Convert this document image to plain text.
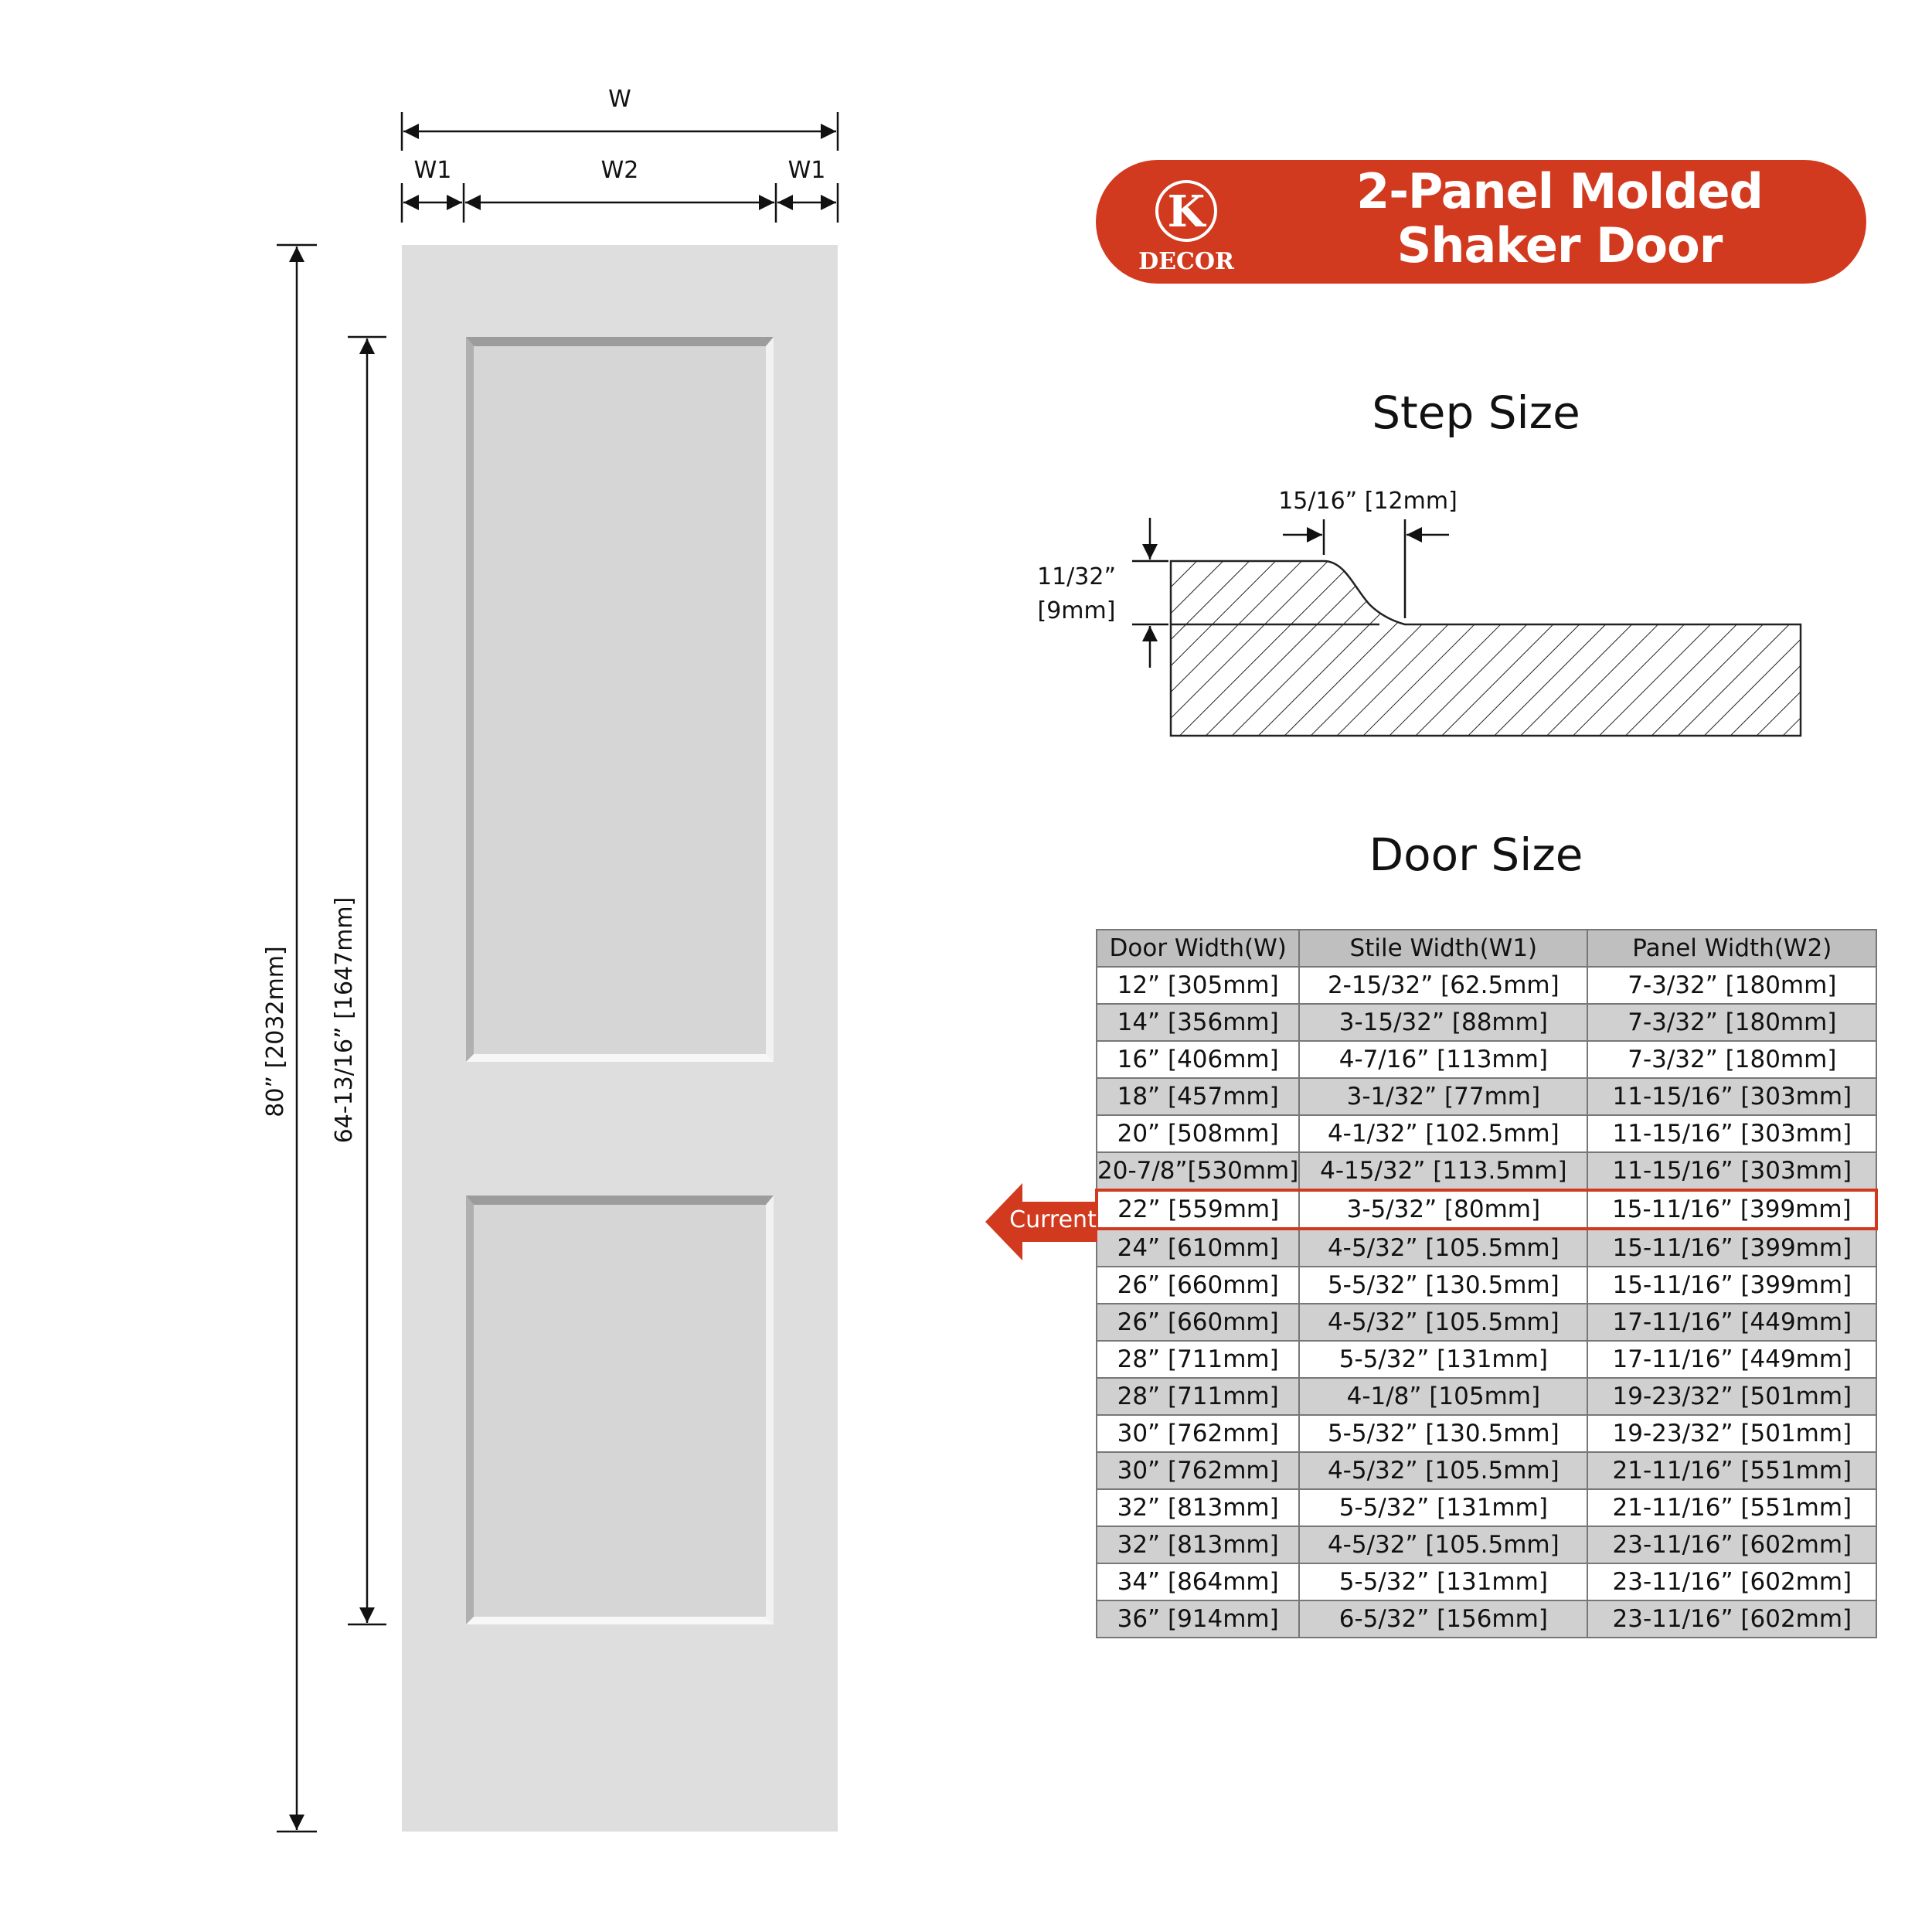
W
W1	W2	W1
80” [2032mm] 64-13/16” [1647mm]
K
DECOR
2-Panel Molded
Shaker Door
Step Size
15/16” [12mm]
11/32”
[9mm]
Door Size
Door Width(W)	Stile Width(W1)	Panel Width(W2)
12” [305mm]	2-15/32” [62.5mm]	7-3/32” [180mm]
14” [356mm]	3-15/32” [88mm]	7-3/32” [180mm]
16” [406mm]	4-7/16” [113mm]	7-3/32” [180mm]
18” [457mm]	3-1/32” [77mm]	11-15/16” [303mm]
20” [508mm]	4-1/32” [102.5mm]	11-15/16” [303mm]
20-7/8”[530mm]	4-15/32” [113.5mm]	11-15/16” [303mm]
22” [559mm]	3-5/32” [80mm]	15-11/16” [399mm]
24” [610mm]	4-5/32” [105.5mm]	15-11/16” [399mm]
26” [660mm]	5-5/32” [130.5mm]	15-11/16” [399mm]
26” [660mm]	4-5/32” [105.5mm]	17-11/16” [449mm]
28” [711mm]	5-5/32” [131mm]	17-11/16” [449mm]
28” [711mm]	4-1/8” [105mm]	19-23/32” [501mm]
30” [762mm]	5-5/32” [130.5mm]	19-23/32” [501mm]
30” [762mm]	4-5/32” [105.5mm]	21-11/16” [551mm]
32” [813mm]	5-5/32” [131mm]	21-11/16” [551mm]
32” [813mm]	4-5/32” [105.5mm]	23-11/16” [602mm]
34” [864mm]	5-5/32” [131mm]	23-11/16” [602mm]
36” [914mm]	6-5/32” [156mm]	23-11/16” [602mm]
Current
